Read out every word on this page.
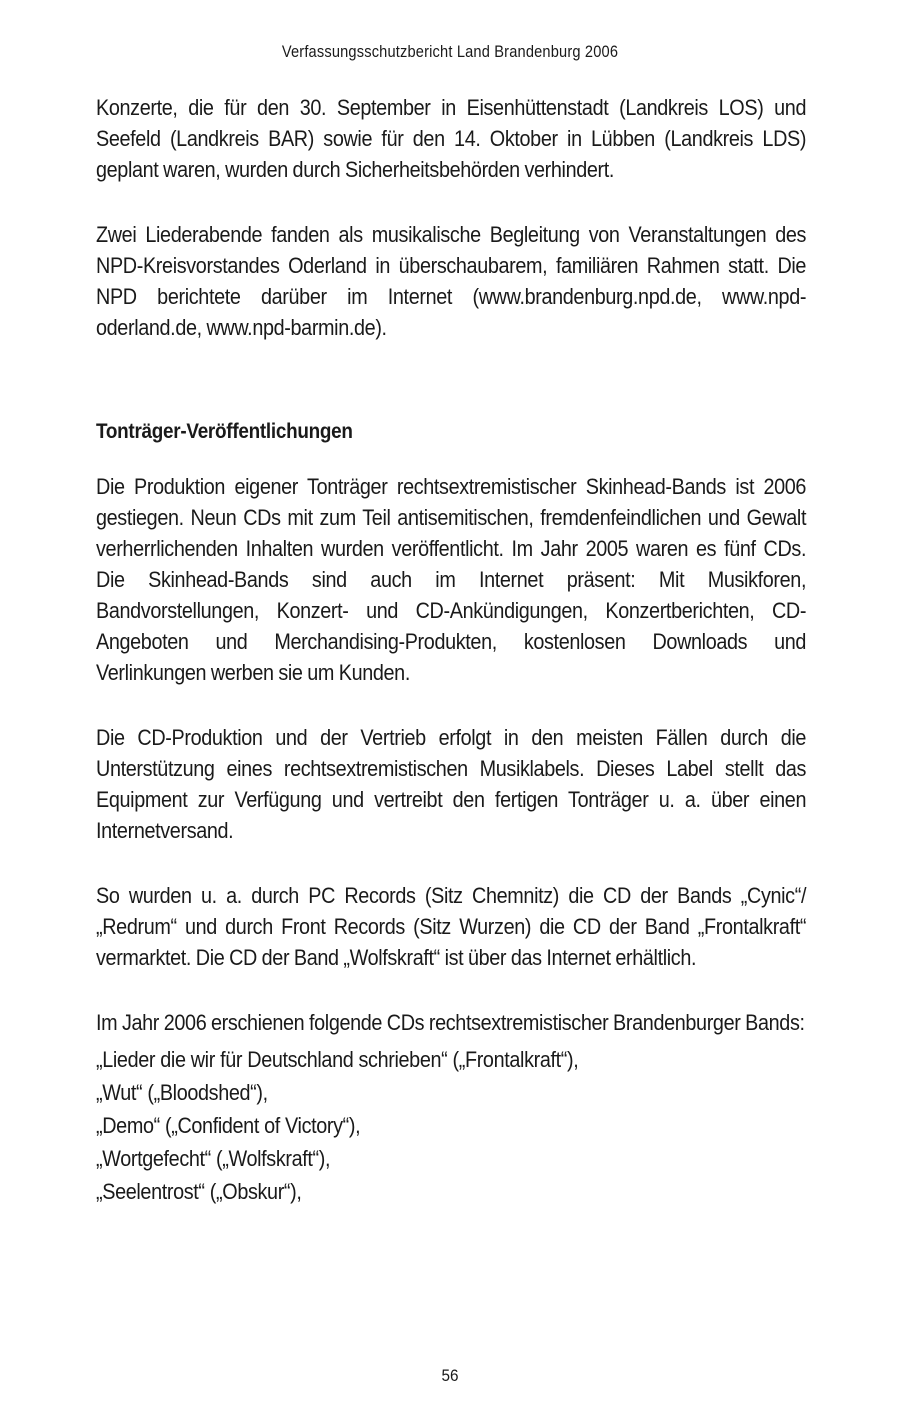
Verfassungsschutzbericht Land Brandenburg 2006

Konzerte, die für den 30. September in Eisenhüttenstadt (Landkreis LOS) und Seefeld (Landkreis BAR) sowie für den 14. Oktober in Lübben (Landkreis LDS) geplant waren, wurden durch Sicherheitsbehörden verhindert.

Zwei Liederabende fanden als musikalische Begleitung von Veranstaltungen des NPD-Kreisvorstandes Oderland in überschaubarem, familiären Rahmen statt. Die NPD berichtete darüber im Internet (www.brandenburg.npd.de, www.npd-oderland.de, www.npd-barmin.de).

Tonträger-Veröffentlichungen

Die Produktion eigener Tonträger rechtsextremistischer Skinhead-Bands ist 2006 gestiegen. Neun CDs mit zum Teil antisemitischen, fremdenfeindlichen und Gewalt verherrlichenden Inhalten wurden veröffentlicht. Im Jahr 2005 waren es fünf CDs. Die Skinhead-Bands sind auch im Internet präsent: Mit Musikforen, Bandvorstellungen, Konzert- und CD-Ankündigungen, Konzertberichten, CD-Angeboten und Merchandising-Produkten, kostenlosen Downloads und Verlinkungen werben sie um Kunden.

Die CD-Produktion und der Vertrieb erfolgt in den meisten Fällen durch die Unterstützung eines rechtsextremistischen Musiklabels. Dieses Label stellt das Equipment zur Verfügung und vertreibt den fertigen Tonträger u. a. über einen Internetversand.

So wurden u. a. durch PC Records (Sitz Chemnitz) die CD der Bands „Cynic“/„Redrum“ und durch Front Records (Sitz Wurzen) die CD der Band „Frontalkraft“ vermarktet. Die CD der Band „Wolfskraft“ ist über das Internet erhältlich.

Im Jahr 2006 erschienen folgende CDs rechtsextremistischer Brandenburger Bands:

„Lieder die wir für Deutschland schrieben“ („Frontalkraft“),
„Wut“ („Bloodshed“),
„Demo“ („Confident of Victory“),
„Wortgefecht“ („Wolfskraft“),
„Seelentrost“ („Obskur“),
56
